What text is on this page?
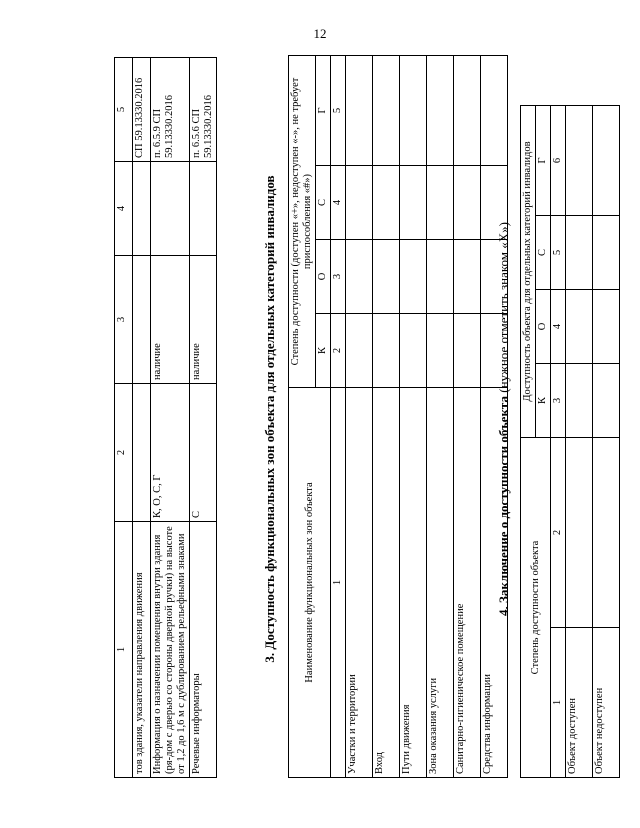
12
1	2	3	4	5
тов здания, указатели направления движения				СП 59.13330.2016
Информация о назначении помещения внутри здания (ря-дом с дверью со стороны дверной ручки) на высоте от 1,2 до 1,6 м с дублированием рельефными знаками	К, О, С, Г	наличие		п. 6.5.9 СП 59.13330.2016
Речевые информаторы	С	наличие		п. 6.5.6 СП 59.13330.2016
3. Доступность функциональных зон объекта для отдельных категорий инвалидов	Наименование функциональных зон объекта	Степень доступности (доступен «+», недоступен «-», не требует приспособления «#»)			
	К	О	С	Г
1	2	3	4	5
Участки и территории				
Вход				
Пути движения				
Зона оказания услуги				
Санитарно-гигиеническое помещение				
Средства информации				
4. Заключение о доступности объекта (нужное отметить знаком «Х»)
Степень доступности объекта		Доступность объекта для отдельных категорий инвалидов			
		К	О	С	Г
1	2	3	4	5	6
Объект доступен					
Объект недоступен					
